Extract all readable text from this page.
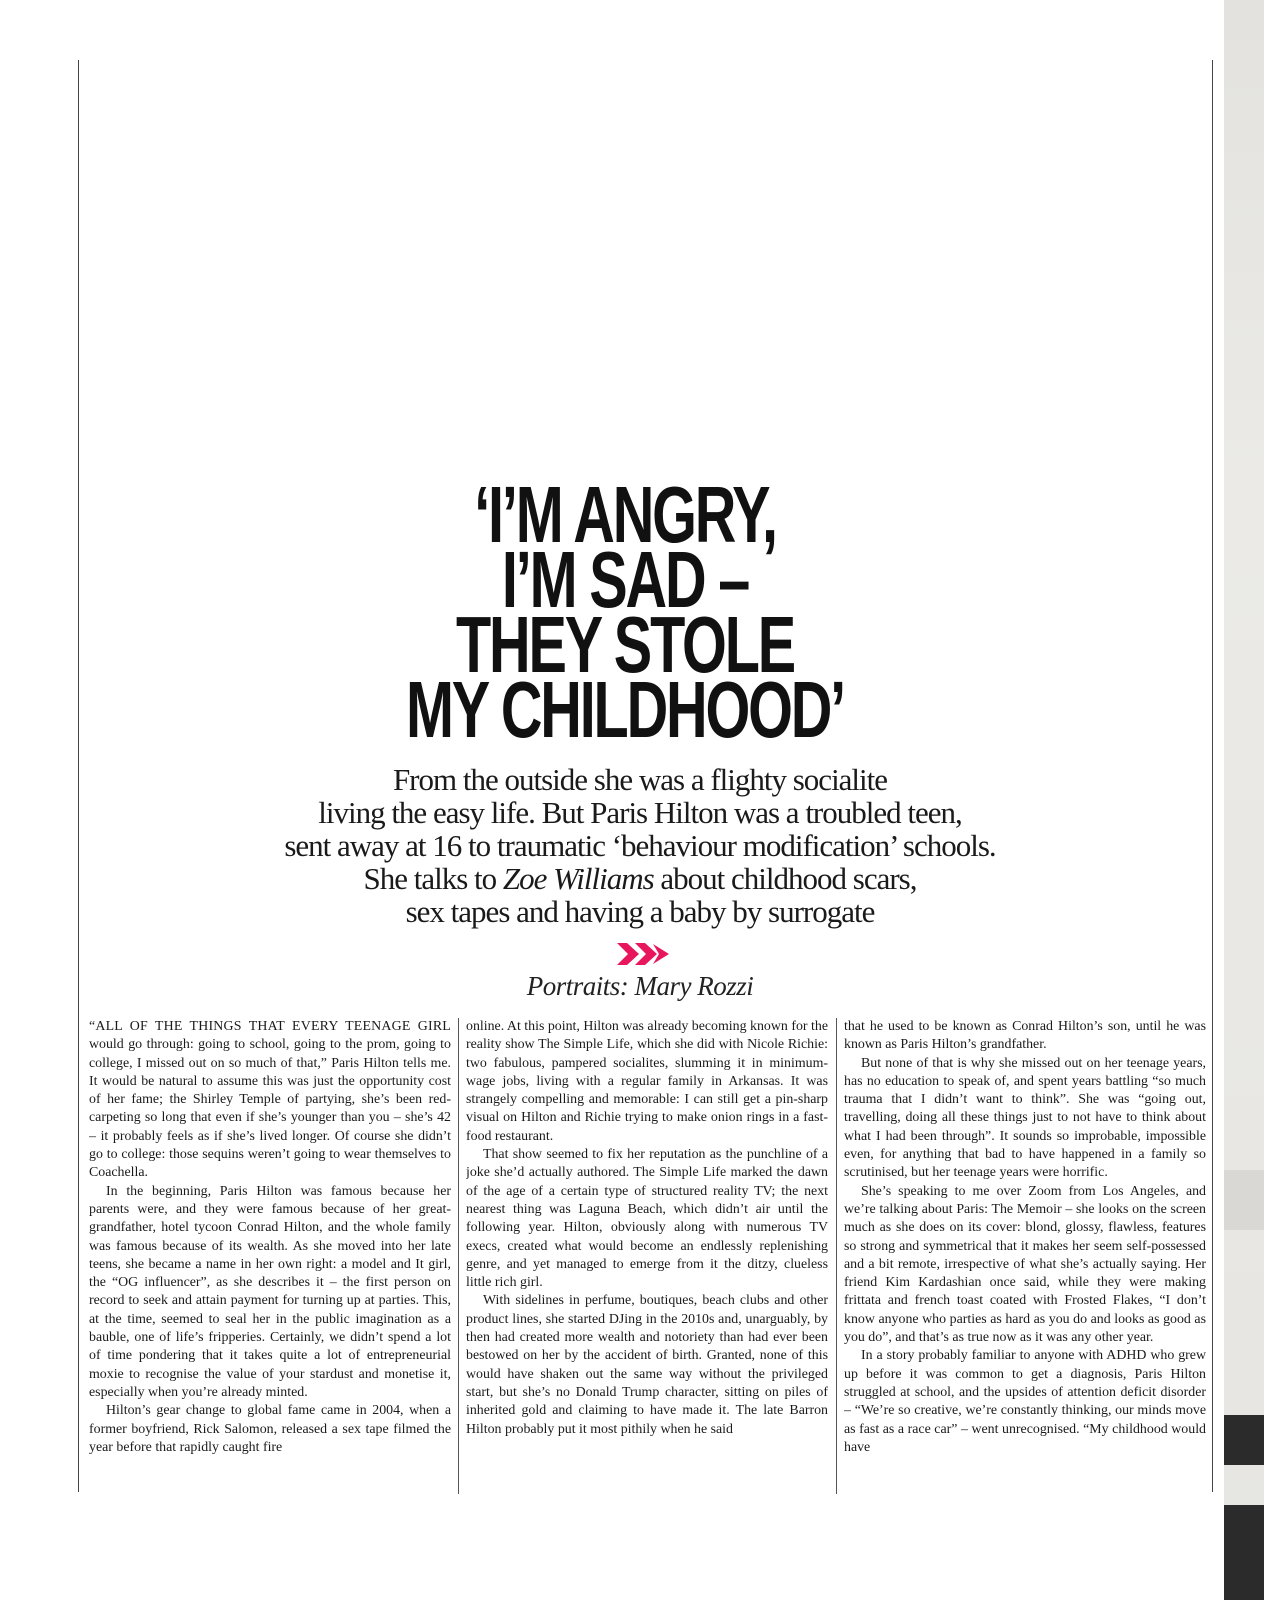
‘I’M ANGRY,
I’M SAD –
THEY STOLE
MY CHILDHOOD’
From the outside she was a flighty socialite
living the easy life. But Paris Hilton was a troubled teen,
sent away at 16 to traumatic ‘behaviour modification’ schools.
She talks to Zoe Williams about childhood scars,
sex tapes and having a baby by surrogate
Portraits: Mary Rozzi

“ALL OF THE THINGS THAT EVERY TEENAGE GIRL would go through: going to school, going to the prom, going to college, I missed out on so much of that,” Paris Hilton tells me. It would be natural to assume this was just the opportunity cost of her fame; the Shirley Temple of partying, she’s been red-carpeting so long that even if she’s younger than you – she’s 42 – it probably feels as if she’s lived longer. Of course she didn’t go to college: those sequins weren’t going to wear themselves to Coachella.

In the beginning, Paris Hilton was famous because her parents were, and they were famous because of her great-grandfather, hotel tycoon Conrad Hilton, and the whole family was famous because of its wealth. As she moved into her late teens, she became a name in her own right: a model and It girl, the “OG influencer”, as she describes it – the first person on record to seek and attain payment for turning up at parties. This, at the time, seemed to seal her in the public imagination as a bauble, one of life’s fripperies. Certainly, we didn’t spend a lot of time pondering that it takes quite a lot of entrepreneurial moxie to recognise the value of your stardust and monetise it, especially when you’re already minted.

Hilton’s gear change to global fame came in 2004, when a former boyfriend, Rick Salomon, released a sex tape filmed the year before that rapidly caught fire

online. At this point, Hilton was already becoming known for the reality show The Simple Life, which she did with Nicole Richie: two fabulous, pampered socialites, slumming it in minimum-wage jobs, living with a regular family in Arkansas. It was strangely compelling and memorable: I can still get a pin-sharp visual on Hilton and Richie trying to make onion rings in a fast-food restaurant.

That show seemed to fix her reputation as the punchline of a joke she’d actually authored. The Simple Life marked the dawn of the age of a certain type of structured reality TV; the next nearest thing was Laguna Beach, which didn’t air until the following year. Hilton, obviously along with numerous TV execs, created what would become an endlessly replenishing genre, and yet managed to emerge from it the ditzy, clueless little rich girl.

With sidelines in perfume, boutiques, beach clubs and other product lines, she started DJing in the 2010s and, unarguably, by then had created more wealth and notoriety than had ever been bestowed on her by the accident of birth. Granted, none of this would have shaken out the same way without the privileged start, but she’s no Donald Trump character, sitting on piles of inherited gold and claiming to have made it. The late Barron Hilton probably put it most pithily when he said

that he used to be known as Conrad Hilton’s son, until he was known as Paris Hilton’s grandfather.

But none of that is why she missed out on her teenage years, has no education to speak of, and spent years battling “so much trauma that I didn’t want to think”. She was “going out, travelling, doing all these things just to not have to think about what I had been through”. It sounds so improbable, impossible even, for anything that bad to have happened in a family so scrutinised, but her teenage years were horrific.

She’s speaking to me over Zoom from Los Angeles, and we’re talking about Paris: The Memoir – she looks on the screen much as she does on its cover: blond, glossy, flawless, features so strong and symmetrical that it makes her seem self-possessed and a bit remote, irrespective of what she’s actually saying. Her friend Kim Kardashian once said, while they were making frittata and french toast coated with Frosted Flakes, “I don’t know anyone who parties as hard as you do and looks as good as you do”, and that’s as true now as it was any other year.

In a story probably familiar to anyone with ADHD who grew up before it was common to get a diagnosis, Paris Hilton struggled at school, and the upsides of attention deficit disorder – “We’re so creative, we’re constantly thinking, our minds move as fast as a race car” – went unrecognised. “My childhood would have
